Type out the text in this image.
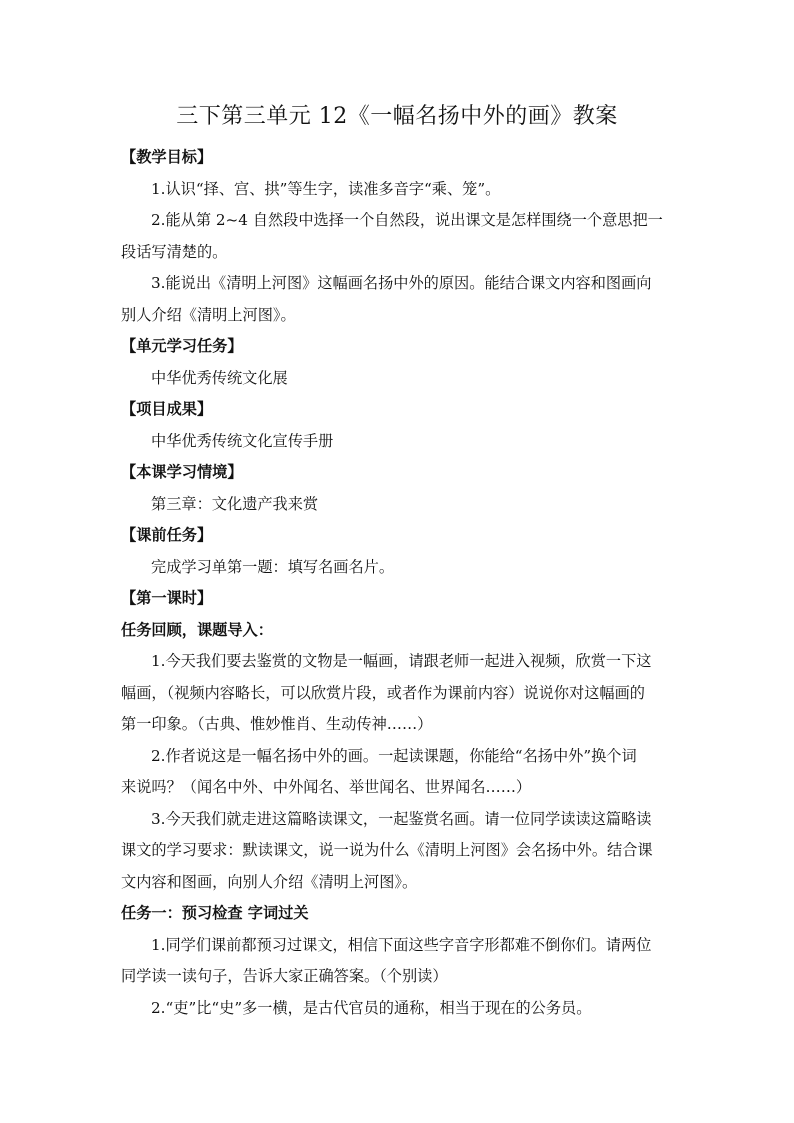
三下第三单元 12《一幅名扬中外的画》教案

【教学目标】

1.认识“择、宫、拱”等生字，读准多音字“乘、笼”。

2.能从第 2~4 自然段中选择一个自然段，说出课文是怎样围绕一个意思把一

段话写清楚的。

3.能说出《清明上河图》这幅画名扬中外的原因。能结合课文内容和图画向

别人介绍《清明上河图》。

【单元学习任务】

中华优秀传统文化展

【项目成果】

中华优秀传统文化宣传手册

【本课学习情境】

第三章：文化遗产我来赏

【课前任务】

完成学习单第一题：填写名画名片。

【第一课时】

任务回顾，课题导入：

1.今天我们要去鉴赏的文物是一幅画，请跟老师一起进入视频，欣赏一下这

幅画，（视频内容略长，可以欣赏片段，或者作为课前内容）说说你对这幅画的

第一印象。（古典、惟妙惟肖、生动传神……）

2.作者说这是一幅名扬中外的画。一起读课题，你能给“名扬中外”换个词

来说吗？（闻名中外、中外闻名、举世闻名、世界闻名……）

3.今天我们就走进这篇略读课文，一起鉴赏名画。请一位同学读读这篇略读

课文的学习要求：默读课文，说一说为什么《清明上河图》会名扬中外。结合课

文内容和图画，向别人介绍《清明上河图》。

任务一：预习检查 字词过关

1.同学们课前都预习过课文，相信下面这些字音字形都难不倒你们。请两位

同学读一读句子，告诉大家正确答案。（个别读）

2.“吏”比“史”多一横，是古代官员的通称，相当于现在的公务员。
